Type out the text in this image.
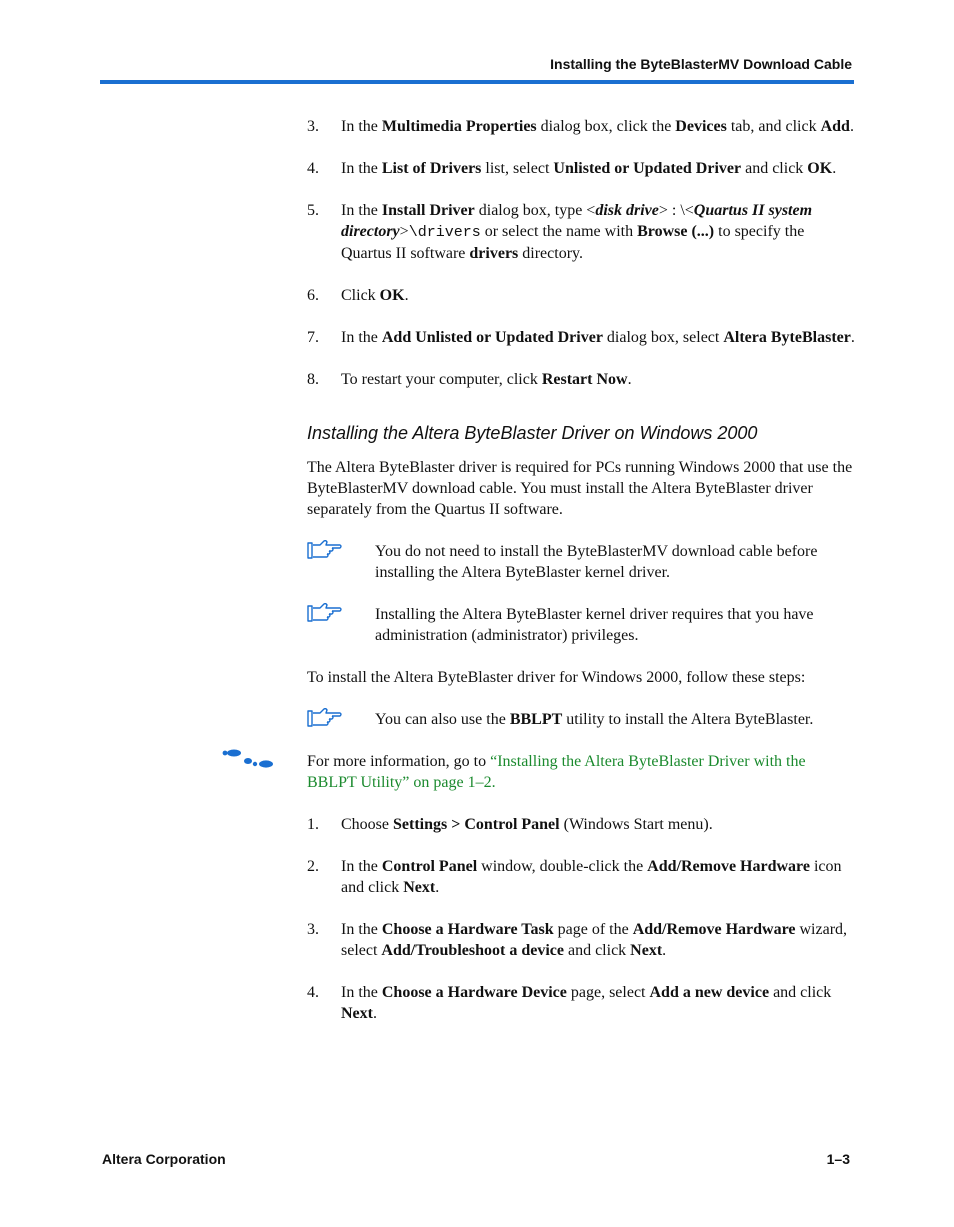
Installing the ByteBlasterMV Download Cable
3. In the Multimedia Properties dialog box, click the Devices tab, and click Add.
4. In the List of Drivers list, select Unlisted or Updated Driver and click OK.
5. In the Install Driver dialog box, type <disk drive> : \<Quartus II system directory>\drivers or select the name with Browse (...) to specify the Quartus II software drivers directory.
6. Click OK.
7. In the Add Unlisted or Updated Driver dialog box, select Altera ByteBlaster.
8. To restart your computer, click Restart Now.
Installing the Altera ByteBlaster Driver on Windows 2000

The Altera ByteBlaster driver is required for PCs running Windows 2000 that use the ByteBlasterMV download cable. You must install the Altera ByteBlaster driver separately from the Quartus II software.

You do not need to install the ByteBlasterMV download cable before installing the Altera ByteBlaster kernel driver.
Installing the Altera ByteBlaster kernel driver requires that you have administration (administrator) privileges.

To install the Altera ByteBlaster driver for Windows 2000, follow these steps:

You can also use the BBLPT utility to install the Altera ByteBlaster.
For more information, go to “Installing the Altera ByteBlaster Driver with the BBLPT Utility” on page 1–2.
1. Choose Settings > Control Panel (Windows Start menu).
2. In the Control Panel window, double-click the Add/Remove Hardware icon and click Next.
3. In the Choose a Hardware Task page of the Add/Remove Hardware wizard, select Add/Troubleshoot a device and click Next.
4. In the Choose a Hardware Device page, select Add a new device and click Next.
Altera Corporation	1–3
